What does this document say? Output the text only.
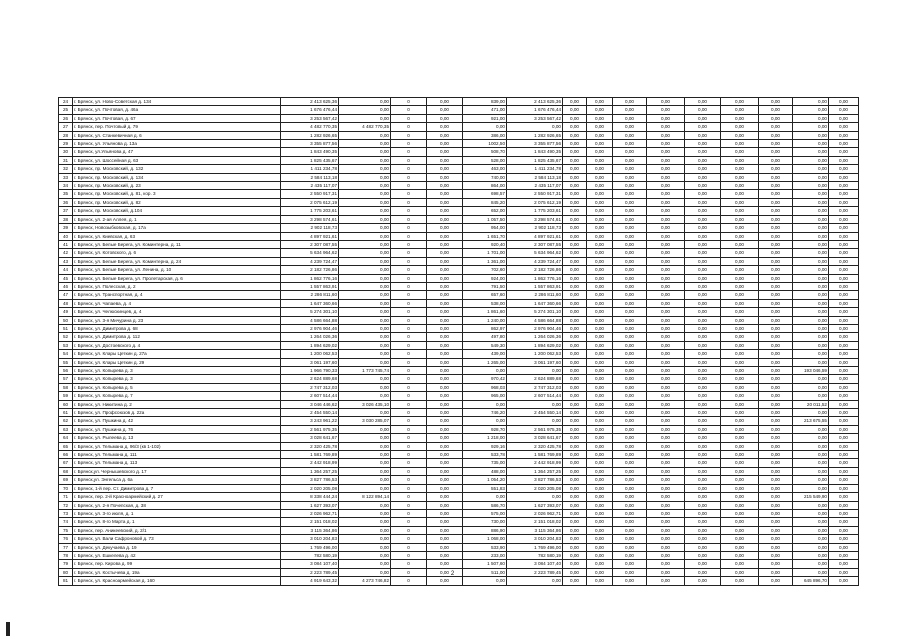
24	г. Брянск, ул. Ново-Советская д. 134	2 413 625,36	0,00	0	0,00	839,00	2 413 625,36	0,00	0,00	0,00	0,00	0,00	0,00	0,00	0,00	0,00
25	г. Брянск, ул. Почтовая, д. 46а	1 676 476,44	0,00	0	0,00	471,00	1 676 476,44	0,00	0,00	0,00	0,00	0,00	0,00	0,00	0,00	0,00
26	г. Брянск, ул. Почтовая, д. 67	3 253 567,42	0,00	0	0,00	921,00	3 253 567,42	0,00	0,00	0,00	0,00	0,00	0,00	0,00	0,00	0,00
27	г. Брянск, пер. Почтовый д. 79	4 482 770,35	4 482 770,35	0	0,00	0,00	0,00	0,00	0,00	0,00	0,00	0,00	0,00	0,00	0,00	0,00
28	г. Брянск, ул. Станкевичная д. 6	1 282 926,65	0,00	0	0,00	386,00	1 282 926,65	0,00	0,00	0,00	0,00	0,00	0,00	0,00	0,00	0,00
29	г. Брянск, ул. Ульянова д. 13а	3 355 877,56	0,00	0	0,00	1002,50	3 355 877,56	0,00	0,00	0,00	0,00	0,00	0,00	0,00	0,00	0,00
30	г. Брянск, ул.Ульянова д. 47	1 843 490,35	0,00	0	0,00	508,70	1 843 490,35	0,00	0,00	0,00	0,00	0,00	0,00	0,00	0,00	0,00
31	г. Брянск, ул. Шоссейная д. 63	1 825 435,67	0,00	0	0,00	528,00	1 825 435,67	0,00	0,00	0,00	0,00	0,00	0,00	0,00	0,00	0,00
32	г. Брянск, пр. Московский, д. 132	1 411 234,78	0,00	0	0,00	463,00	1 411 234,78	0,00	0,00	0,00	0,00	0,00	0,00	0,00	0,00	0,00
33	г. Брянск, пр. Московский, д. 134	2 584 113,18	0,00	0	0,00	740,00	2 584 113,18	0,00	0,00	0,00	0,00	0,00	0,00	0,00	0,00	0,00
34	г. Брянск, пр. Московский, д. 23	2 435 117,07	0,00	0	0,00	864,00	2 435 117,07	0,00	0,00	0,00	0,00	0,00	0,00	0,00	0,00	0,00
35	г. Брянск, пр. Московский, д. 81, кор. 3	2 550 917,31	0,00	0	0,00	698,57	2 550 917,31	0,00	0,00	0,00	0,00	0,00	0,00	0,00	0,00	0,00
36	г. Брянск, пр. Московский, д. 82	2 075 612,19	0,00	0	0,00	845,20	2 075 612,19	0,00	0,00	0,00	0,00	0,00	0,00	0,00	0,00	0,00
37	г. Брянск, пр. Московский, д.104	1 775 203,61	0,00	0	0,00	652,00	1 775 203,61	0,00	0,00	0,00	0,00	0,00	0,00	0,00	0,00	0,00
38	г. Брянск, ул. 2-ая Аллея, д. 1	3 298 574,61	0,00	0	0,00	1 057,50	3 298 574,61	0,00	0,00	0,00	0,00	0,00	0,00	0,00	0,00	0,00
39	г. Брянск, Новозыбковская, д. 17а	2 902 118,73	0,00	0	0,00	954,00	2 902 118,73	0,00	0,00	0,00	0,00	0,00	0,00	0,00	0,00	0,00
40	г. Брянск, ул. Киевская, д. 63	4 897 921,61	0,00	0	0,00	1 651,70	4 897 921,61	0,00	0,00	0,00	0,00	0,00	0,00	0,00	0,00	0,00
41	г. Брянск, ул. Белые Берега, ул. Коминтерна, д. 11	2 307 087,55	0,00	0	0,00	920,40	2 307 087,55	0,00	0,00	0,00	0,00	0,00	0,00	0,00	0,00	0,00
42	г. Брянск, ул. Котовского, д. 6	5 634 964,62	0,00	0	0,00	1 701,00	5 634 964,62	0,00	0,00	0,00	0,00	0,00	0,00	0,00	0,00	0,00
43	г. Брянск, ул. Белые Берега, ул. Коминтерна, д. 24	4 239 724,47	0,00	0	0,00	1 361,00	4 239 724,47	0,00	0,00	0,00	0,00	0,00	0,00	0,00	0,00	0,00
44	г. Брянск, ул. Белые Берега, ул. Ленина, д. 10	2 182 726,86	0,00	0	0,00	702,60	2 182 726,86	0,00	0,00	0,00	0,00	0,00	0,00	0,00	0,00	0,00
45	г. Брянск, ул. Белые Берега, ул. Пролетарская, д. 6	1 862 776,16	0,00	0	0,00	924,00	1 862 776,16	0,00	0,00	0,00	0,00	0,00	0,00	0,00	0,00	0,00
46	г. Брянск, ул. Полесская, д. 2	1 557 863,91	0,00	0	0,00	791,50	1 557 863,91	0,00	0,00	0,00	0,00	0,00	0,00	0,00	0,00	0,00
47	г. Брянск, ул. Транспортная, д. 4	2 286 811,60	0,00	0	0,00	657,60	2 286 811,60	0,00	0,00	0,00	0,00	0,00	0,00	0,00	0,00	0,00
48	г. Брянск, ул. Чапаева, д. 4	1 647 360,66	0,00	0	0,00	538,00	1 647 360,66	0,00	0,00	0,00	0,00	0,00	0,00	0,00	0,00	0,00
49	г. Брянск, ул. Челюскинцев, д. 4	5 274 301,10	0,00	0	0,00	1 861,60	5 274 301,10	0,00	0,00	0,00	0,00	0,00	0,00	0,00	0,00	0,00
50	г. Брянск, ул. 3-я Мичурина д. 23	4 586 664,88	0,00	0	0,00	1 240,00	4 586 664,88	0,00	0,00	0,00	0,00	0,00	0,00	0,00	0,00	0,00
51	г. Брянск, ул. Димитрова д. 68	2 976 904,46	0,00	0	0,00	862,97	2 976 904,46	0,00	0,00	0,00	0,00	0,00	0,00	0,00	0,00	0,00
52	г. Брянск, ул. Димитрова д. 112	1 264 026,36	0,00	0	0,00	497,80	1 264 026,36	0,00	0,00	0,00	0,00	0,00	0,00	0,00	0,00	0,00
53	г. Брянск, ул. Достоевского д. 4	1 894 629,02	0,00	0	0,00	549,30	1 894 629,02	0,00	0,00	0,00	0,00	0,00	0,00	0,00	0,00	0,00
54	г. Брянск, ул. Клары Цеткин д. 27а	1 200 062,53	0,00	0	0,00	439,00	1 200 062,53	0,00	0,00	0,00	0,00	0,00	0,00	0,00	0,00	0,00
55	г. Брянск, ул. Клары Цеткин д. 29	3 061 197,60	0,00	0	0,00	1 265,00	3 061 197,60	0,00	0,00	0,00	0,00	0,00	0,00	0,00	0,00	0,00
56	г. Брянск, ул. Копырева д. 3	1 966 790,33	1 773 745,74	0	0,00	0,00	0,00	0,00	0,00	0,00	0,00	0,00	0,00	0,00	193 046,59	0,00
57	г. Брянск, ул. Копырева д. 3	2 624 889,68	0,00	0	0,00	970,42	2 624 889,68	0,00	0,00	0,00	0,00	0,00	0,00	0,00	0,00	0,00
58	г. Брянск, ул. Копырева д. 5	2 747 312,03	0,00	0	0,00	968,03	2 747 312,03	0,00	0,00	0,00	0,00	0,00	0,00	0,00	0,00	0,00
59	г. Брянск, ул. Копырева д. 7	2 607 514,44	0,00	0	0,00	965,00	2 607 514,44	0,00	0,00	0,00	0,00	0,00	0,00	0,00	0,00	0,00
60	г. Брянск, ул. Никитина д. 2	3 046 446,62	3 026 435,10	0	0,00	0,00	0,00	0,00	0,00	0,00	0,00	0,00	0,00	0,00	20 011,52	0,00
61	г. Брянск, ул. Профсоюзов д. 22а	2 454 550,14	0,00	0	0,00	746,20	2 454 550,14	0,00	0,00	0,00	0,00	0,00	0,00	0,00	0,00	0,00
62	г. Брянск, ул. Пушкина д. 42	3 243 961,22	3 030 285,07	0	0,00	0,00	0,00	0,00	0,00	0,00	0,00	0,00	0,00	0,00	213 675,55	0,00
63	г. Брянск, ул. Пушкина д. 76	2 561 975,35	0,00	0	0,00	928,70	2 561 975,35	0,00	0,00	0,00	0,00	0,00	0,00	0,00	0,00	0,00
64	г. Брянск, ул. Рылеева д. 13	3 028 641,67	0,00	0	0,00	1 218,00	3 028 641,67	0,00	0,00	0,00	0,00	0,00	0,00	0,00	0,00	0,00
65	г. Брянск, ул. Тельмана д. 96/3 (кв 1-102)	2 320 425,78	0,00	0	0,00	929,16	2 320 425,78	0,00	0,00	0,00	0,00	0,00	0,00	0,00	0,00	0,00
66	г. Брянск, ул. Тельмана д. 111	1 581 769,89	0,00	0	0,00	533,78	1 581 769,89	0,00	0,00	0,00	0,00	0,00	0,00	0,00	0,00	0,00
67	г. Брянск, ул. Тельмана д. 113	2 442 918,99	0,00	0	0,00	735,00	2 442 918,99	0,00	0,00	0,00	0,00	0,00	0,00	0,00	0,00	0,00
68	г. Брянск,ул. Чернышевского д. 17	1 364 257,25	0,00	0	0,00	488,00	1 364 257,25	0,00	0,00	0,00	0,00	0,00	0,00	0,00	0,00	0,00
69	г. Брянск,ул. Энгельса д. 6а	3 827 786,53	0,00	0	0,00	1 054,20	3 827 786,53	0,00	0,00	0,00	0,00	0,00	0,00	0,00	0,00	0,00
70	г. Брянск, 1-й пер. Ст. Димитрова д. 7	2 020 205,08	0,00	0	0,00	551,83	2 020 205,08	0,00	0,00	0,00	0,00	0,00	0,00	0,00	0,00	0,00
71	г. Брянск, пер. 2-й Красноармейский д. 27	8 338 444,24	8 122 894,14	0	0,00	0,00	0,00	0,00	0,00	0,00	0,00	0,00	0,00	0,00	215 549,90	0,00
72	г. Брянск, ул. 2-я Почепская, д. 38	1 627 393,07	0,00	0	0,00	586,70	1 627 393,07	0,00	0,00	0,00	0,00	0,00	0,00	0,00	0,00	0,00
73	г. Брянск, ул. 3-го июля, д. 1	2 026 962,71	0,00	0	0,00	575,00	2 026 962,71	0,00	0,00	0,00	0,00	0,00	0,00	0,00	0,00	0,00
74	г. Брянск, ул. 8-го Марта д. 1	2 151 018,02	0,00	0	0,00	730,00	2 151 018,02	0,00	0,00	0,00	0,00	0,00	0,00	0,00	0,00	0,00
75	г. Брянск, пер. Аникеевский, д. 2/1	3 115 364,86	0,00	0	0,00	886,90	3 115 364,86	0,00	0,00	0,00	0,00	0,00	0,00	0,00	0,00	0,00
76	г. Брянск, ул. Вали Сафроновой д. 73	3 010 204,83	0,00	0	0,00	1 068,00	3 010 204,83	0,00	0,00	0,00	0,00	0,00	0,00	0,00	0,00	0,00
77	г. Брянск, ул. Декучаева д. 19	1 769 496,00	0,00	0	0,00	533,90	1 769 496,00	0,00	0,00	0,00	0,00	0,00	0,00	0,00	0,00	0,00
78	г. Брянск, ул. Ешкелева д. 42	782 580,19	0,00	0	0,00	233,00	782 580,19	0,00	0,00	0,00	0,00	0,00	0,00	0,00	0,00	0,00
79	г. Брянск, пер. Кирова д. 99	3 084 107,40	0,00	0	0,00	1 507,60	3 084 107,40	0,00	0,00	0,00	0,00	0,00	0,00	0,00	0,00	0,00
80	г. Брянск, ул. Костычева д. 19а	2 223 789,45	0,00	0	0,00	511,00	2 223 789,45	0,00	0,00	0,00	0,00	0,00	0,00	0,00	0,00	0,00
81	г. Брянск, ул. Красноармейская д. 160	4 919 643,32	4 273 746,82	0	0,00	0,00	0,00	0,00	0,00	0,00	0,00	0,00	0,00	0,00	645 896,70	0,00
2
